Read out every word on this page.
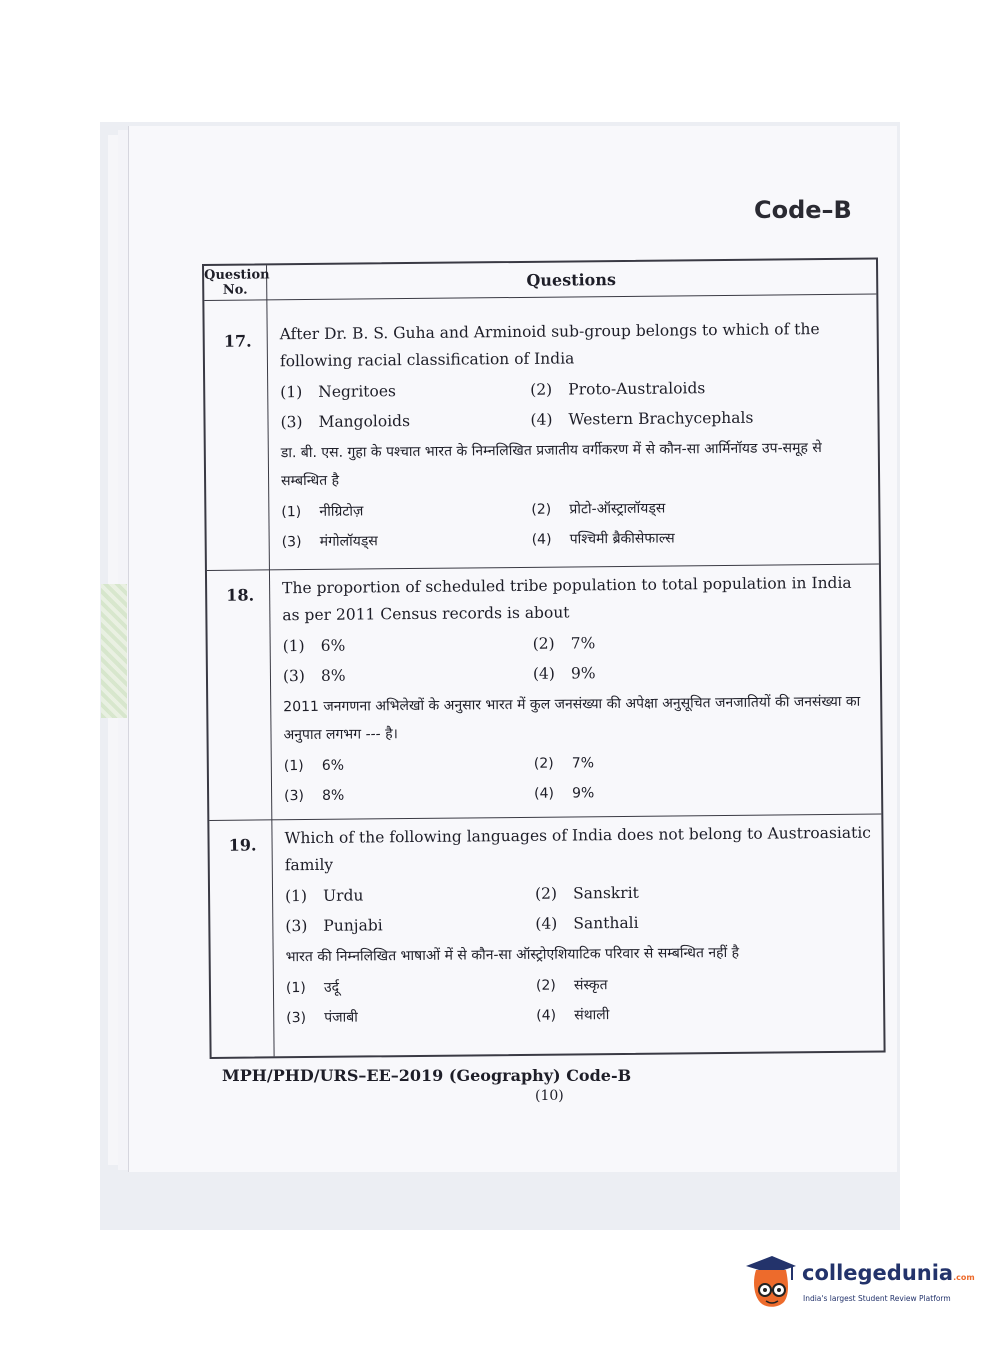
Code–B
Question No.
Questions
17.	After Dr. B. S. Guha and Arminoid sub-group belongs to which of the following racial classification of India

(1) Negritoes	(2) Proto-Australoids
(3) Mangoloids	(4) Western Brachycephals

डा. बी. एस. गुहा के पश्चात भारत के निम्नलिखित प्रजातीय वर्गीकरण में से कौन-सा आर्मिनॉयड उप-समूह से सम्बन्धित है

(1) नीग्रिटोज़	(2) प्रोटो-ऑस्ट्रालॉयड्स
(3) मंगोलॉयड्स	(4) पश्चिमी ब्रैकीसेफाल्स
18.	The proportion of scheduled tribe population to total population in India as per 2011 Census records is about

(1) 6%	(2) 7%
(3) 8%	(4) 9%

2011 जनगणना अभिलेखों के अनुसार भारत में कुल जनसंख्या की अपेक्षा अनुसूचित जनजातियों की जनसंख्या का अनुपात लगभग --- है।

(1) 6%	(2) 7%
(3) 8%	(4) 9%
19.	Which of the following languages of India does not belong to Austroasiatic family

(1) Urdu	(2) Sanskrit
(3) Punjabi	(4) Santhali

भारत की निम्नलिखित भाषाओं में से कौन-सा ऑस्ट्रोएशियाटिक परिवार से सम्बन्धित नहीं है

(1) उर्दू	(2) संस्कृत
(3) पंजाबी	(4) संथाली
MPH/PHD/URS–EE–2019 (Geography) Code-B
(10)
collegedunia.com
India's largest Student Review Platform
